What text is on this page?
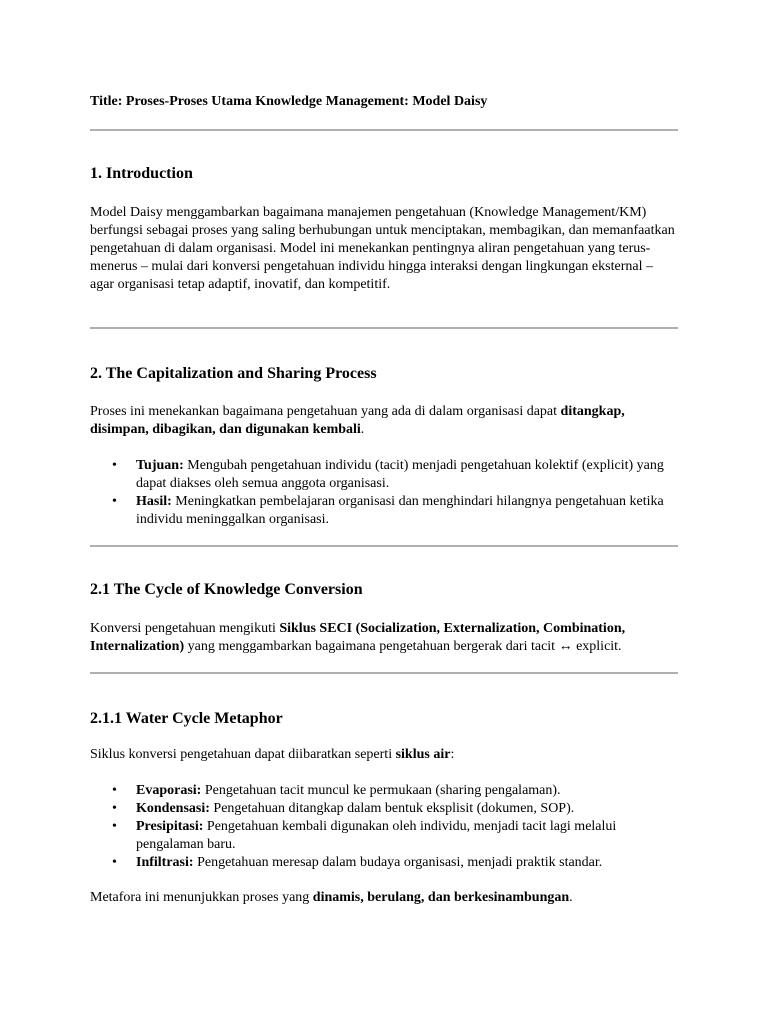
Title: Proses-Proses Utama Knowledge Management: Model Daisy
1. Introduction

Model Daisy menggambarkan bagaimana manajemen pengetahuan (Knowledge Management/KM) berfungsi sebagai proses yang saling berhubungan untuk menciptakan, membagikan, dan memanfaatkan pengetahuan di dalam organisasi. Model ini menekankan pentingnya aliran pengetahuan yang terus-menerus – mulai dari konversi pengetahuan individu hingga interaksi dengan lingkungan eksternal – agar organisasi tetap adaptif, inovatif, dan kompetitif.

2. The Capitalization and Sharing Process

Proses ini menekankan bagaimana pengetahuan yang ada di dalam organisasi dapat ditangkap, disimpan, dibagikan, dan digunakan kembali.

• Tujuan: Mengubah pengetahuan individu (tacit) menjadi pengetahuan kolektif (explicit) yang dapat diakses oleh semua anggota organisasi.
• Hasil: Meningkatkan pembelajaran organisasi dan menghindari hilangnya pengetahuan ketika individu meninggalkan organisasi.
2.1 The Cycle of Knowledge Conversion

Konversi pengetahuan mengikuti Siklus SECI (Socialization, Externalization, Combination, Internalization) yang menggambarkan bagaimana pengetahuan bergerak dari tacit ↔ explicit.

2.1.1 Water Cycle Metaphor

Siklus konversi pengetahuan dapat diibaratkan seperti siklus air:

• Evaporasi: Pengetahuan tacit muncul ke permukaan (sharing pengalaman).
• Kondensasi: Pengetahuan ditangkap dalam bentuk eksplisit (dokumen, SOP).
• Presipitasi: Pengetahuan kembali digunakan oleh individu, menjadi tacit lagi melalui pengalaman baru.
• Infiltrasi: Pengetahuan meresap dalam budaya organisasi, menjadi praktik standar.

Metafora ini menunjukkan proses yang dinamis, berulang, dan berkesinambungan.
